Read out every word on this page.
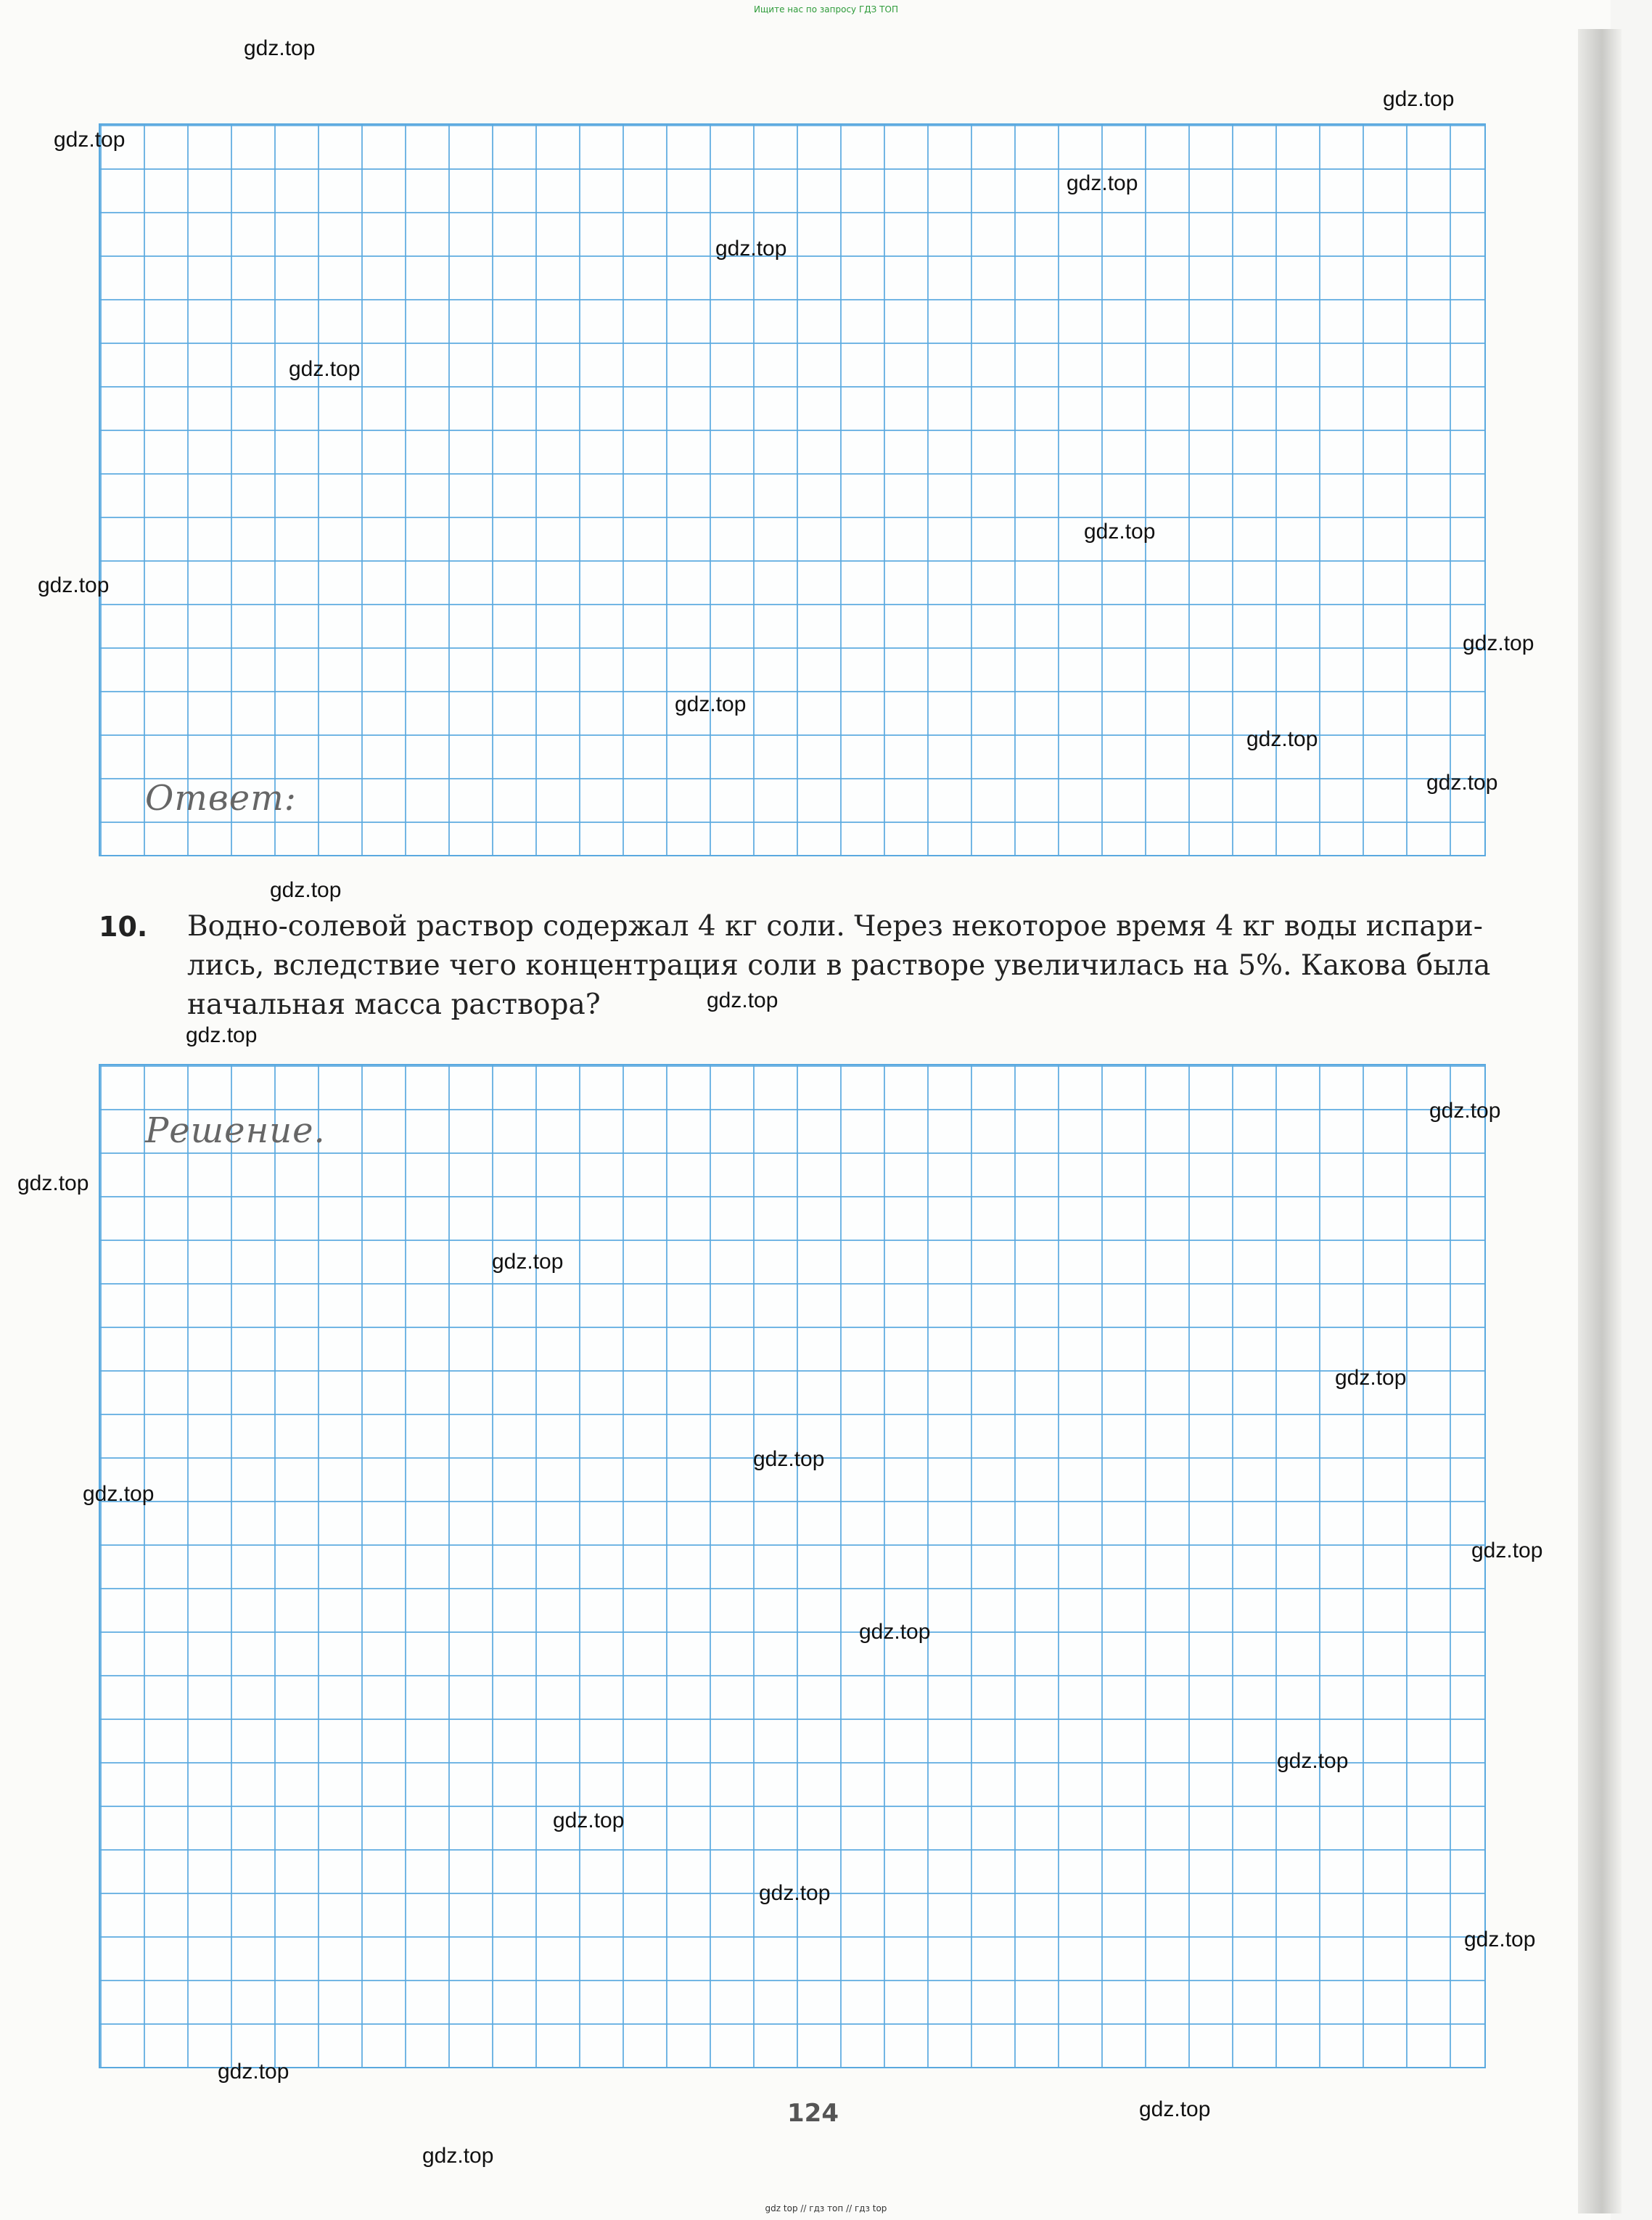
Ищите нас по запросу ГДЗ ТОП
Ответ:
10. Водно-солевой раствор содержал 4 кг соли. Через некоторое время 4 кг воды испари-
лись, вследствие чего концентрация соли в растворе увеличилась на 5%. Какова была
начальная масса раствора?
Решение.
124
gdz top // гдз топ // гдз top
gdz.top
gdz.top
gdz.top
gdz.top
gdz.top
gdz.top
gdz.top
gdz.top
gdz.top
gdz.top
gdz.top
gdz.top
gdz.top
gdz.top
gdz.top
gdz.top
gdz.top
gdz.top
gdz.top
gdz.top
gdz.top
gdz.top
gdz.top
gdz.top
gdz.top
gdz.top
gdz.top
gdz.top
gdz.top
gdz.top
